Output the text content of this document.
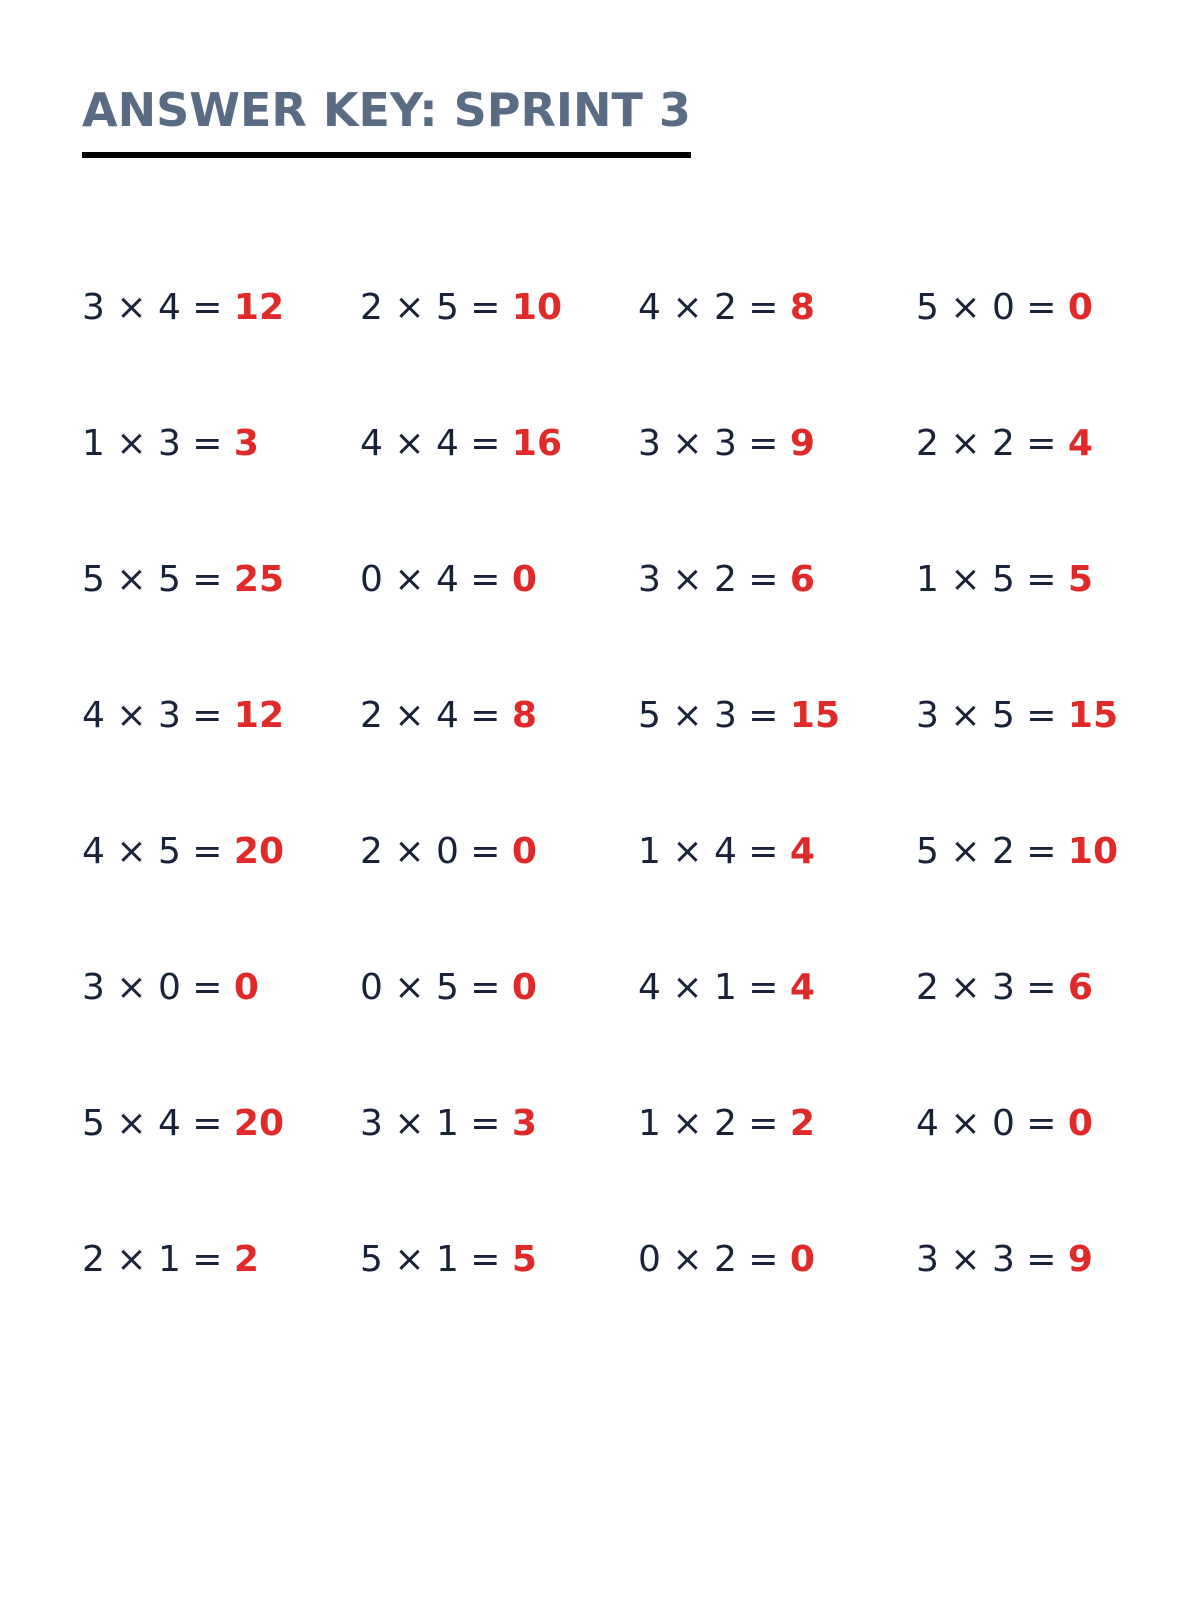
ANSWER KEY: SPRINT 3
3 × 4 = 12	2 × 5 = 10	4 × 2 = 8	5 × 0 = 0
1 × 3 = 3	4 × 4 = 16	3 × 3 = 9	2 × 2 = 4
5 × 5 = 25	0 × 4 = 0	3 × 2 = 6	1 × 5 = 5
4 × 3 = 12	2 × 4 = 8	5 × 3 = 15	3 × 5 = 15
4 × 5 = 20	2 × 0 = 0	1 × 4 = 4	5 × 2 = 10
3 × 0 = 0	0 × 5 = 0	4 × 1 = 4	2 × 3 = 6
5 × 4 = 20	3 × 1 = 3	1 × 2 = 2	4 × 0 = 0
2 × 1 = 2	5 × 1 = 5	0 × 2 = 0	3 × 3 = 9
